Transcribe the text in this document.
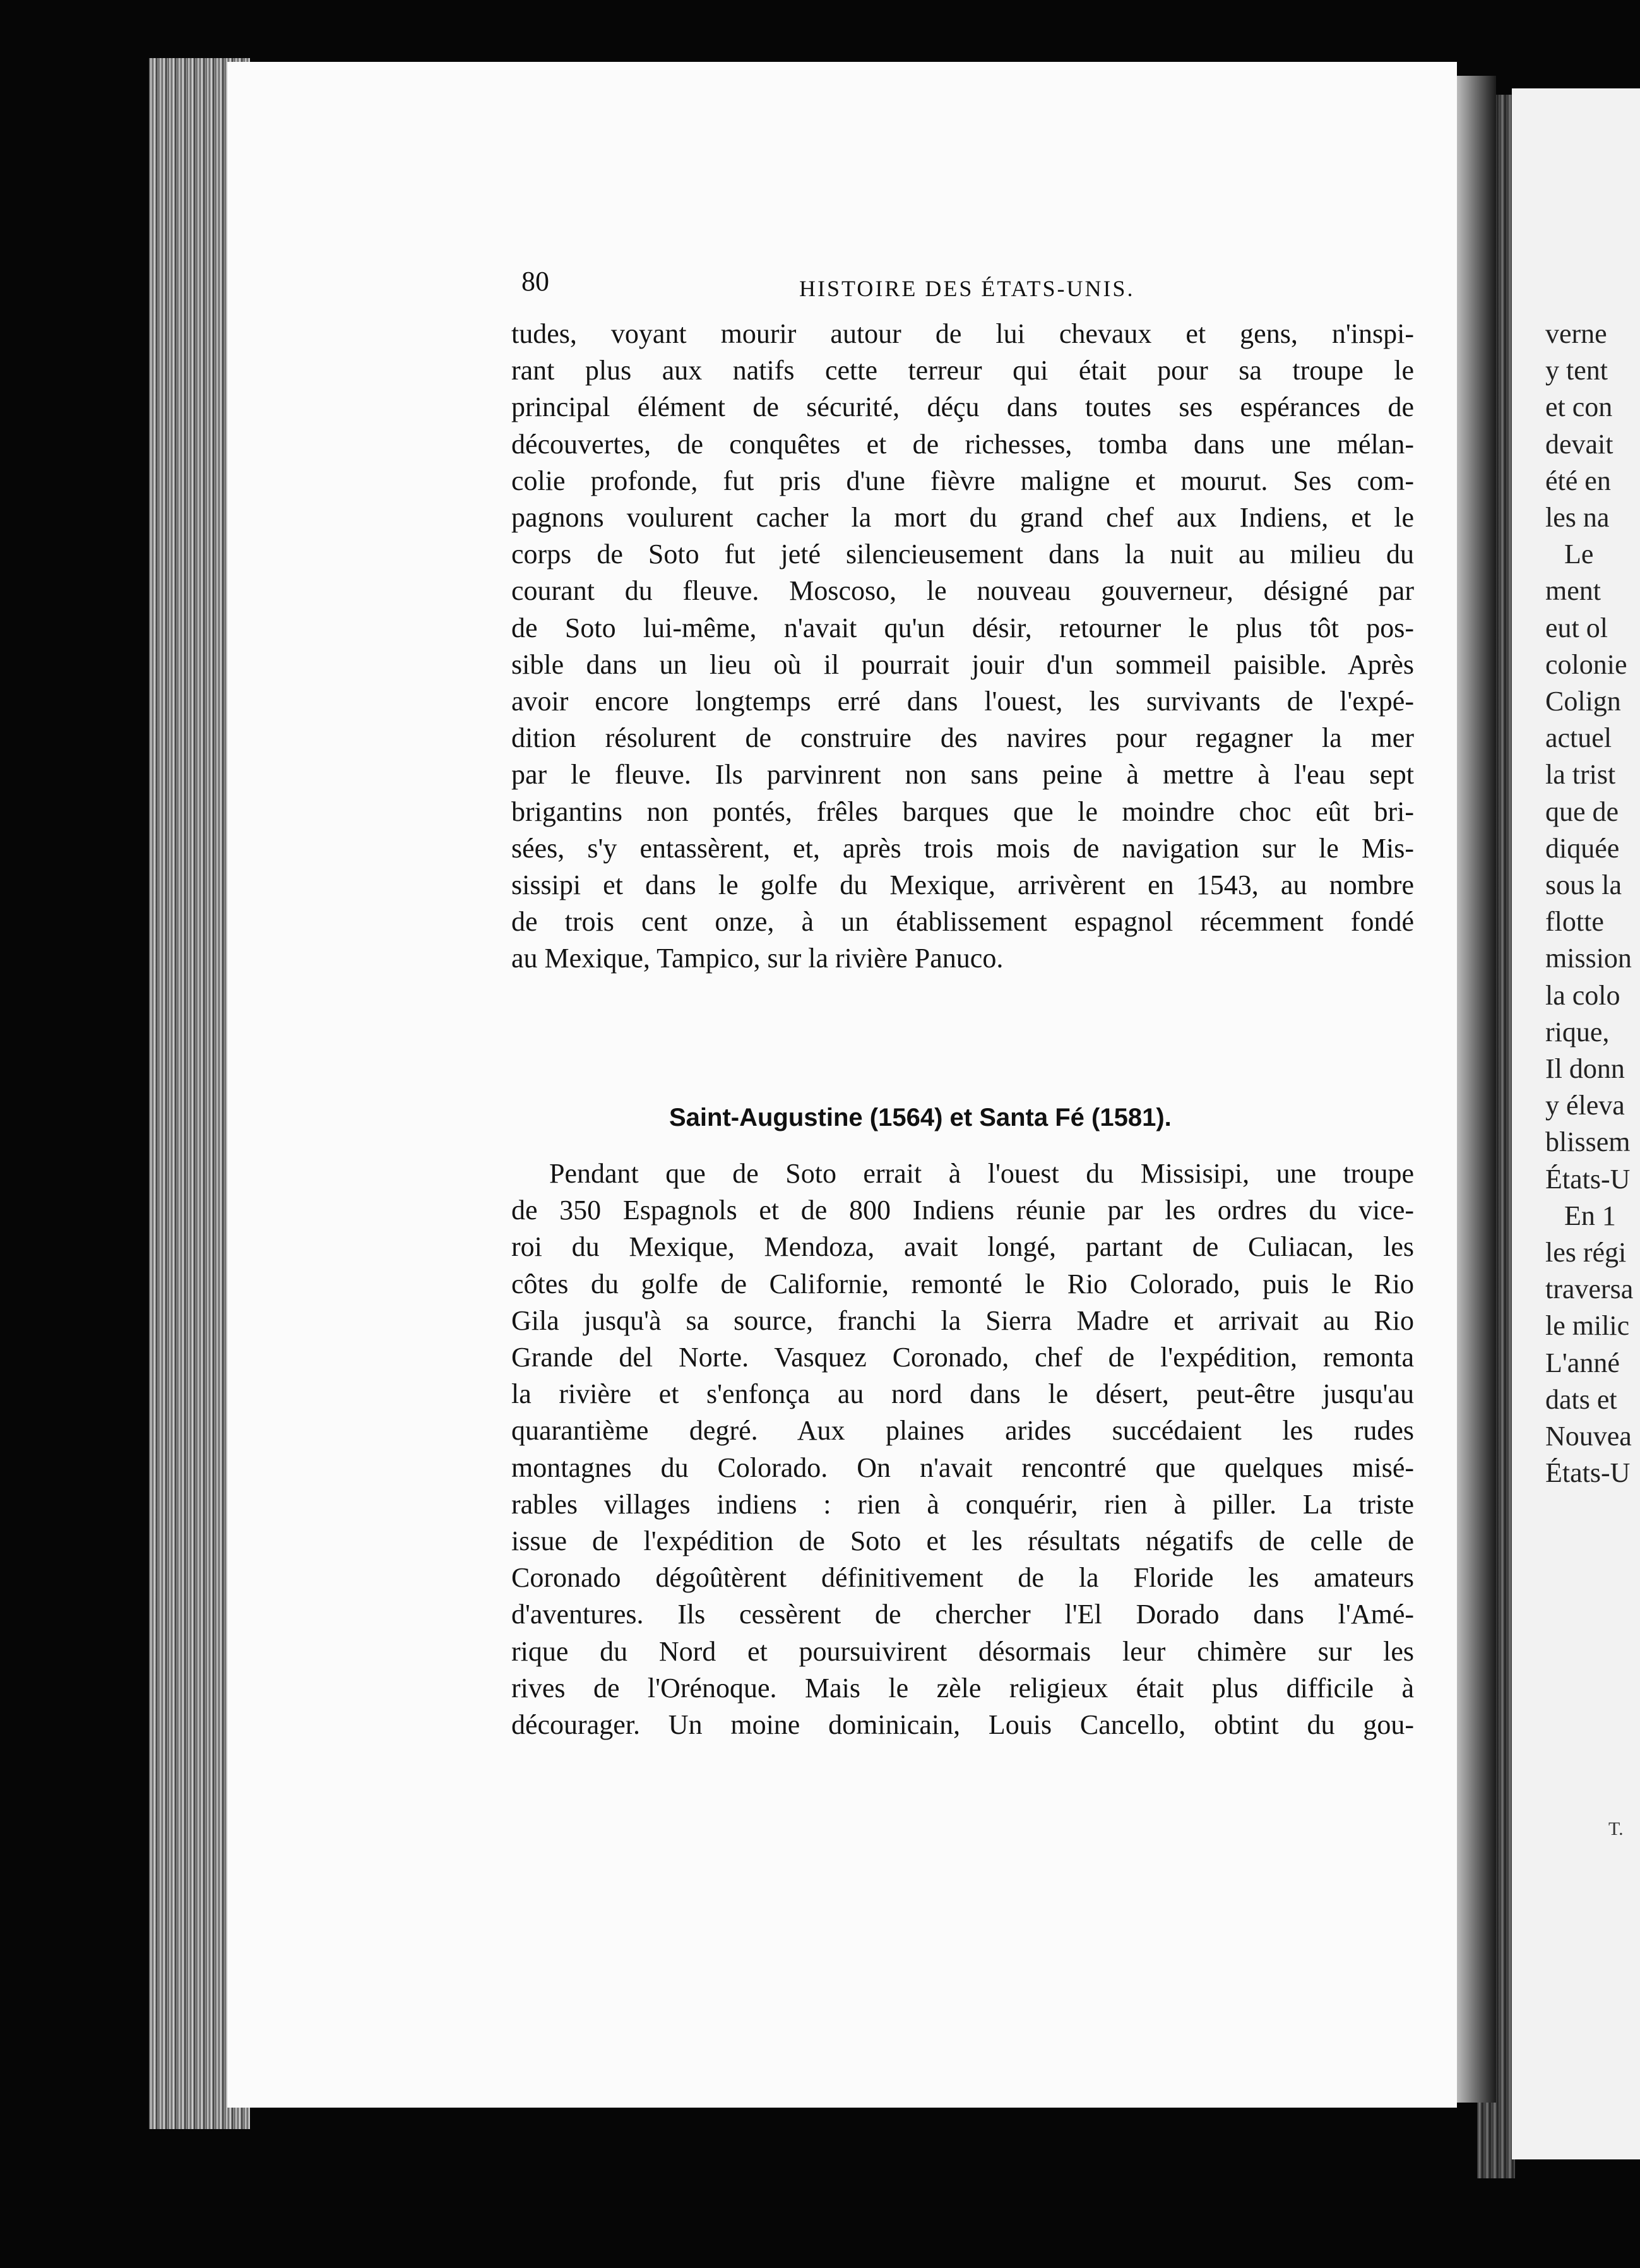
80	HISTOIRE DES ÉTATS-UNIS.
tudes, voyant mourir autour de lui chevaux et gens, n'inspi-
rant plus aux natifs cette terreur qui était pour sa troupe le
principal élément de sécurité, déçu dans toutes ses espérances de
découvertes, de conquêtes et de richesses, tomba dans une mélan-
colie profonde, fut pris d'une fièvre maligne et mourut. Ses com-
pagnons voulurent cacher la mort du grand chef aux Indiens, et le
corps de Soto fut jeté silencieusement dans la nuit au milieu du
courant du fleuve. Moscoso, le nouveau gouverneur, désigné par
de Soto lui-même, n'avait qu'un désir, retourner le plus tôt pos-
sible dans un lieu où il pourrait jouir d'un sommeil paisible. Après
avoir encore longtemps erré dans l'ouest, les survivants de l'expé-
dition résolurent de construire des navires pour regagner la mer
par le fleuve. Ils parvinrent non sans peine à mettre à l'eau sept
brigantins non pontés, frêles barques que le moindre choc eût bri-
sées, s'y entassèrent, et, après trois mois de navigation sur le Mis-
sissipi et dans le golfe du Mexique, arrivèrent en 1543, au nombre
de trois cent onze, à un établissement espagnol récemment fondé
au Mexique, Tampico, sur la rivière Panuco.
Saint-Augustine (1564) et Santa Fé (1581).
Pendant que de Soto errait à l'ouest du Missisipi, une troupe
de 350 Espagnols et de 800 Indiens réunie par les ordres du vice-
roi du Mexique, Mendoza, avait longé, partant de Culiacan, les
côtes du golfe de Californie, remonté le Rio Colorado, puis le Rio
Gila jusqu'à sa source, franchi la Sierra Madre et arrivait au Rio
Grande del Norte. Vasquez Coronado, chef de l'expédition, remonta
la rivière et s'enfonça au nord dans le désert, peut-être jusqu'au
quarantième degré. Aux plaines arides succédaient les rudes
montagnes du Colorado. On n'avait rencontré que quelques misé-
rables villages indiens : rien à conquérir, rien à piller. La triste
issue de l'expédition de Soto et les résultats négatifs de celle de
Coronado dégoûtèrent définitivement de la Floride les amateurs
d'aventures. Ils cessèrent de chercher l'El Dorado dans l'Amé-
rique du Nord et poursuivirent désormais leur chimère sur les
rives de l'Orénoque. Mais le zèle religieux était plus difficile à
décourager. Un moine dominicain, Louis Cancello, obtint du gou-
verne
y tent
et con
devait
été en
les na
Le
ment
eut ol
colonie
Colign
actuel
la trist
que de
diquée
sous la
flotte
mission
la colo
rique,
Il donn
y éleva
blissem
États-U
En 1
les régi
traversa
le milic
L'anné
dats et
Nouvea
États-U
T.
